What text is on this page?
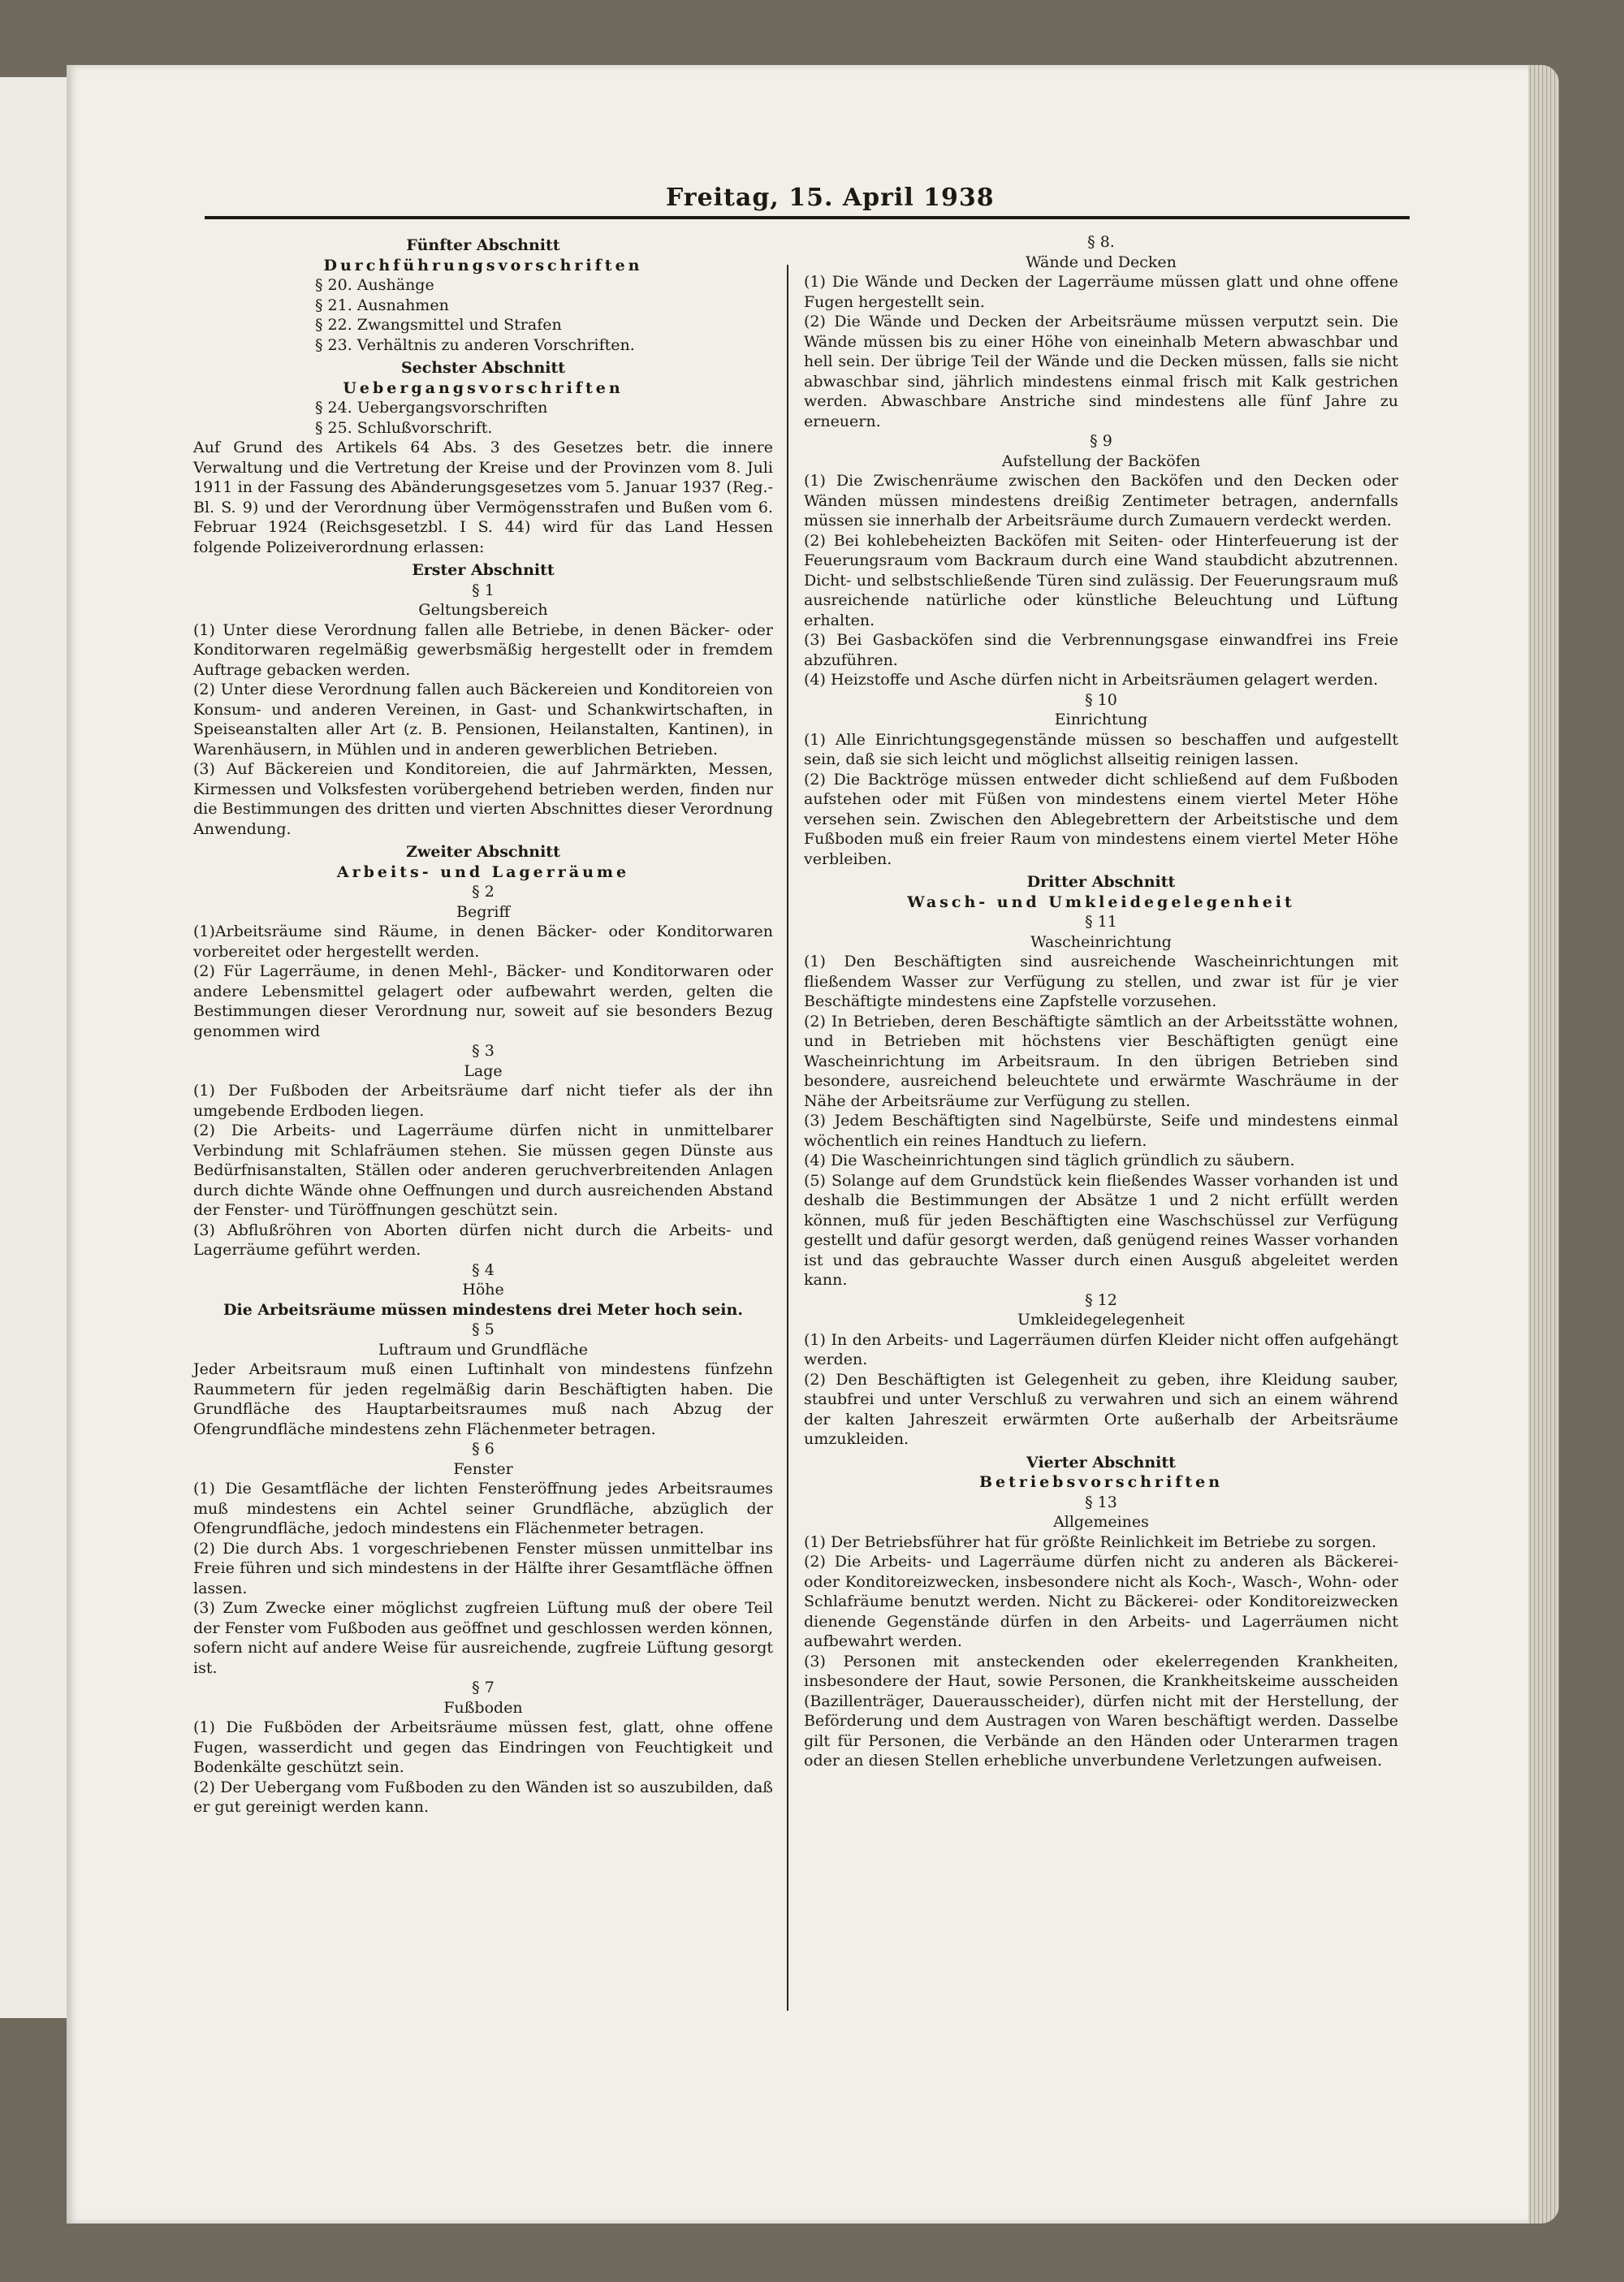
Freitag, 15. April 1938

Fünfter Abschnitt

Durchführungsvorschriften

§ 20. Aushänge

§ 21. Ausnahmen

§ 22. Zwangsmittel und Strafen

§ 23. Verhältnis zu anderen Vorschriften.

Sechster Abschnitt

Uebergangsvorschriften

§ 24. Uebergangsvorschriften

§ 25. Schlußvorschrift.

Auf Grund des Artikels 64 Abs. 3 des Gesetzes betr. die innere Verwaltung und die Vertretung der Kreise und der Provinzen vom 8. Juli 1911 in der Fassung des Abänderungsgesetzes vom 5. Januar 1937 (Reg.-Bl. S. 9) und der Verordnung über Vermögensstrafen und Bußen vom 6. Februar 1924 (Reichsgesetzbl. I S. 44) wird für das Land Hessen folgende Polizeiverordnung erlassen:

Erster Abschnitt

§ 1

Geltungsbereich

(1) Unter diese Verordnung fallen alle Betriebe, in denen Bäcker- oder Konditorwaren regelmäßig gewerbsmäßig hergestellt oder in fremdem Auftrage gebacken werden.

(2) Unter diese Verordnung fallen auch Bäckereien und Konditoreien von Konsum- und anderen Vereinen, in Gast- und Schankwirtschaften, in Speiseanstalten aller Art (z. B. Pensionen, Heilanstalten, Kantinen), in Warenhäusern, in Mühlen und in anderen gewerblichen Betrieben.

(3) Auf Bäckereien und Konditoreien, die auf Jahrmärkten, Messen, Kirmessen und Volksfesten vorübergehend betrieben werden, finden nur die Bestimmungen des dritten und vierten Abschnittes dieser Verordnung Anwendung.

Zweiter Abschnitt

Arbeits- und Lagerräume

§ 2

Begriff

(1)Arbeitsräume sind Räume, in denen Bäcker- oder Konditorwaren vorbereitet oder hergestellt werden.

(2) Für Lagerräume, in denen Mehl-, Bäcker- und Konditorwaren oder andere Lebensmittel gelagert oder aufbewahrt werden, gelten die Bestimmungen dieser Verordnung nur, soweit auf sie besonders Bezug genommen wird

§ 3

Lage

(1) Der Fußboden der Arbeitsräume darf nicht tiefer als der ihn umgebende Erdboden liegen.

(2) Die Arbeits- und Lagerräume dürfen nicht in unmittelbarer Verbindung mit Schlafräumen stehen. Sie müssen gegen Dünste aus Bedürfnisanstalten, Ställen oder anderen geruchverbreitenden Anlagen durch dichte Wände ohne Oeffnungen und durch ausreichenden Abstand der Fenster- und Türöffnungen geschützt sein.

(3) Abflußröhren von Aborten dürfen nicht durch die Arbeits- und Lagerräume geführt werden.

§ 4

Höhe

Die Arbeitsräume müssen mindestens drei Meter hoch sein.

§ 5

Luftraum und Grundfläche

Jeder Arbeitsraum muß einen Luftinhalt von mindestens fünfzehn Raummetern für jeden regelmäßig darin Beschäftigten haben. Die Grundfläche des Hauptarbeitsraumes muß nach Abzug der Ofengrundfläche mindestens zehn Flächenmeter betragen.

§ 6

Fenster

(1) Die Gesamtfläche der lichten Fensteröffnung jedes Arbeitsraumes muß mindestens ein Achtel seiner Grundfläche, abzüglich der Ofengrundfläche, jedoch mindestens ein Flächenmeter betragen.

(2) Die durch Abs. 1 vorgeschriebenen Fenster müssen unmittelbar ins Freie führen und sich mindestens in der Hälfte ihrer Gesamtfläche öffnen lassen.

(3) Zum Zwecke einer möglichst zugfreien Lüftung muß der obere Teil der Fenster vom Fußboden aus geöffnet und geschlossen werden können, sofern nicht auf andere Weise für ausreichende, zugfreie Lüftung gesorgt ist.

§ 7

Fußboden

(1) Die Fußböden der Arbeitsräume müssen fest, glatt, ohne offene Fugen, wasserdicht und gegen das Eindringen von Feuchtigkeit und Bodenkälte geschützt sein.

(2) Der Uebergang vom Fußboden zu den Wänden ist so auszubilden, daß er gut gereinigt werden kann.

§ 8.

Wände und Decken

(1) Die Wände und Decken der Lagerräume müssen glatt und ohne offene Fugen hergestellt sein.

(2) Die Wände und Decken der Arbeitsräume müssen verputzt sein. Die Wände müssen bis zu einer Höhe von eineinhalb Metern abwaschbar und hell sein. Der übrige Teil der Wände und die Decken müssen, falls sie nicht abwaschbar sind, jährlich mindestens einmal frisch mit Kalk gestrichen werden. Abwaschbare Anstriche sind mindestens alle fünf Jahre zu erneuern.

§ 9

Aufstellung der Backöfen

(1) Die Zwischenräume zwischen den Backöfen und den Decken oder Wänden müssen mindestens dreißig Zentimeter betragen, andernfalls müssen sie innerhalb der Arbeitsräume durch Zumauern verdeckt werden.

(2) Bei kohlebeheizten Backöfen mit Seiten- oder Hinterfeuerung ist der Feuerungsraum vom Backraum durch eine Wand staubdicht abzutrennen. Dicht- und selbstschließende Türen sind zulässig. Der Feuerungsraum muß ausreichende natürliche oder künstliche Beleuchtung und Lüftung erhalten.

(3) Bei Gasbacköfen sind die Verbrennungsgase einwandfrei ins Freie abzuführen.

(4) Heizstoffe und Asche dürfen nicht in Arbeitsräumen gelagert werden.

§ 10

Einrichtung

(1) Alle Einrichtungsgegenstände müssen so beschaffen und aufgestellt sein, daß sie sich leicht und möglichst allseitig reinigen lassen.

(2) Die Backtröge müssen entweder dicht schließend auf dem Fußboden aufstehen oder mit Füßen von mindestens einem viertel Meter Höhe versehen sein. Zwischen den Ablegebrettern der Arbeitstische und dem Fußboden muß ein freier Raum von mindestens einem viertel Meter Höhe verbleiben.

Dritter Abschnitt

Wasch- und Umkleidegelegenheit

§ 11

Wascheinrichtung

(1) Den Beschäftigten sind ausreichende Wascheinrichtungen mit fließendem Wasser zur Verfügung zu stellen, und zwar ist für je vier Beschäftigte mindestens eine Zapfstelle vorzusehen.

(2) In Betrieben, deren Beschäftigte sämtlich an der Arbeitsstätte wohnen, und in Betrieben mit höchstens vier Beschäftigten genügt eine Wascheinrichtung im Arbeitsraum. In den übrigen Betrieben sind besondere, ausreichend beleuchtete und erwärmte Waschräume in der Nähe der Arbeitsräume zur Verfügung zu stellen.

(3) Jedem Beschäftigten sind Nagelbürste, Seife und mindestens einmal wöchentlich ein reines Handtuch zu liefern.

(4) Die Wascheinrichtungen sind täglich gründlich zu säubern.

(5) Solange auf dem Grundstück kein fließendes Wasser vorhanden ist und deshalb die Bestimmungen der Absätze 1 und 2 nicht erfüllt werden können, muß für jeden Beschäftigten eine Waschschüssel zur Verfügung gestellt und dafür gesorgt werden, daß genügend reines Wasser vorhanden ist und das gebrauchte Wasser durch einen Ausguß abgeleitet werden kann.

§ 12

Umkleidegelegenheit

(1) In den Arbeits- und Lagerräumen dürfen Kleider nicht offen aufgehängt werden.

(2) Den Beschäftigten ist Gelegenheit zu geben, ihre Kleidung sauber, staubfrei und unter Verschluß zu verwahren und sich an einem während der kalten Jahreszeit erwärmten Orte außerhalb der Arbeitsräume umzukleiden.

Vierter Abschnitt

Betriebsvorschriften

§ 13

Allgemeines

(1) Der Betriebsführer hat für größte Reinlichkeit im Betriebe zu sorgen.

(2) Die Arbeits- und Lagerräume dürfen nicht zu anderen als Bäckerei- oder Konditoreizwecken, insbesondere nicht als Koch-, Wasch-, Wohn- oder Schlafräume benutzt werden. Nicht zu Bäckerei- oder Konditoreizwecken dienende Gegenstände dürfen in den Arbeits- und Lagerräumen nicht aufbewahrt werden.

(3) Personen mit ansteckenden oder ekelerregenden Krankheiten, insbesondere der Haut, sowie Personen, die Krankheitskeime ausscheiden (Bazillenträger, Dauerausscheider), dürfen nicht mit der Herstellung, der Beförderung und dem Austragen von Waren beschäftigt werden. Dasselbe gilt für Personen, die Verbände an den Händen oder Unterarmen tragen oder an diesen Stellen erhebliche unverbundene Verletzungen aufweisen.
